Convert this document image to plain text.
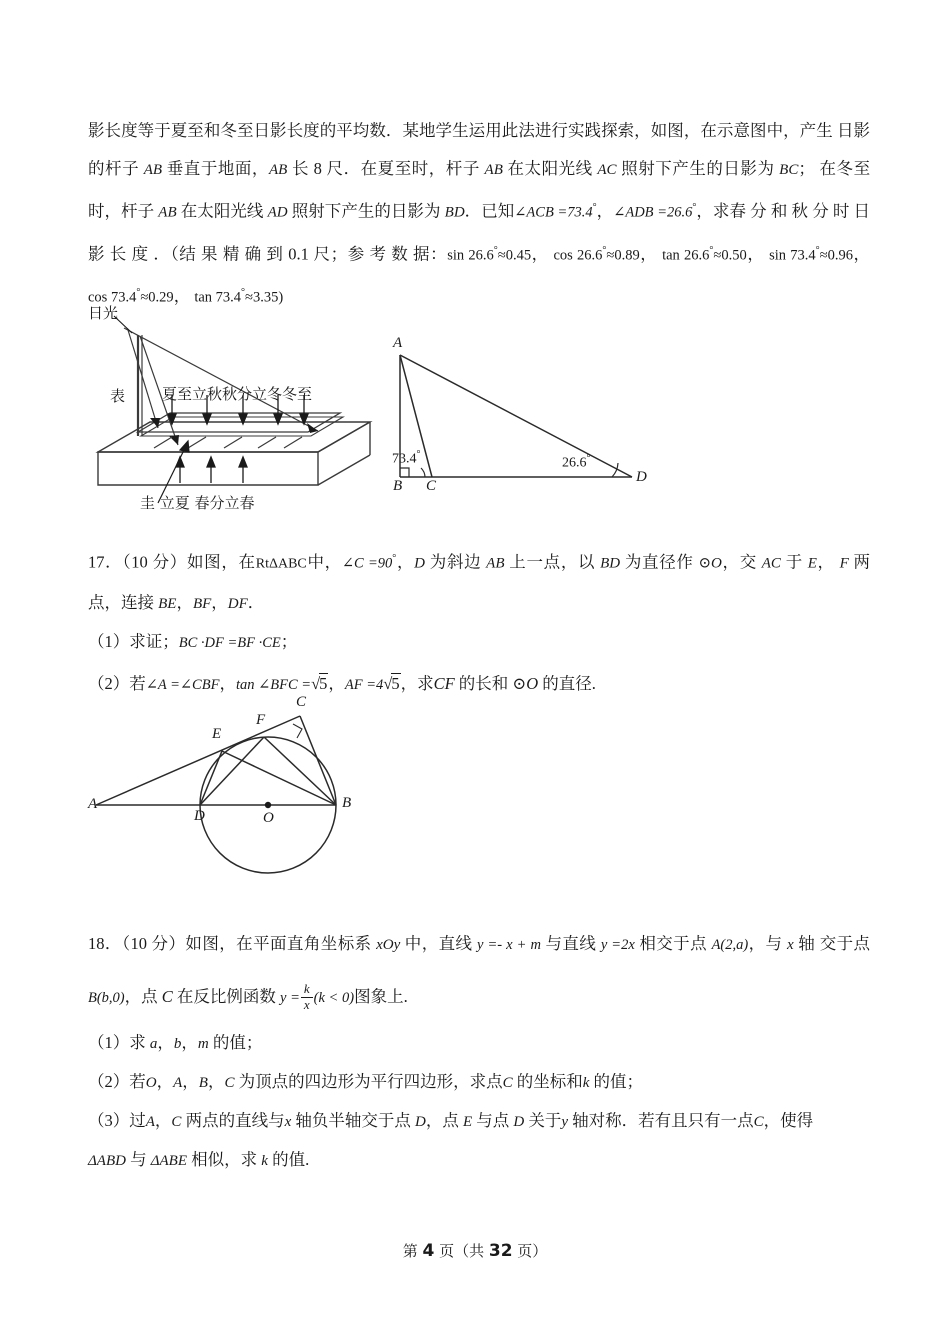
影长度等于夏至和冬至日影长度的平均数．某地学生运用此法进行实践探索，如图，在示意图中，产生 日影的杆子 AB 垂直于地面，AB 长 8 尺．在夏至时，杆子 AB 在太阳光线 AC 照射下产生的日影为 BC； 在冬至时，杆子 AB 在太阳光线 AD 照射下产生的日影为 BD．已知∠ACB =73.4°，∠ADB =26.6°，求春 分 和 秋 分 时 日 影 长 度 ．（结 果 精 确 到 0.1 尺；参 考 数 据：sin 26.6°≈0.45， cos 26.6°≈0.89， tan 26.6°≈0.50， sin 73.4°≈0.96， cos 73.4°≈0.29， tan 73.4°≈3.35)

日光
表 夏至立秋秋分立冬冬至
圭 立夏 春分立春
A
B C
D
73.4°
26.6°

17．（10 分）如图，在RtΔABC中，∠C =90°，D 为斜边 AB 上一点，以 BD 为直径作 ⊙O，交 AC 于 E， F 两点，连接 BE，BF，DF．

（1）求证；BC ·DF =BF ·CE；

（2）若∠A =∠CBF，tan ∠BFC =√5，AF =4√5，求CF 的长和 ⊙O 的直径.

A
D	O
B
E
F
C

18．（10 分）如图，在平面直角坐标系 xOy 中，直线 y =- x + m 与直线 y =2x 相交于点 A(2,a)，与 x 轴 交于点 B(b,0)，点 C 在反比例函数 $y = \frac{k}{x} (k < 0)$图象上.

（1）求 a，b，m 的值；

（2）若O，A，B，C 为顶点的四边形为平行四边形，求点C 的坐标和k 的值；

（3）过A，C 两点的直线与x 轴负半轴交于点 D，点 E 与点 D 关于y 轴对称．若有且只有一点C，使得

ΔABD 与 ΔABE 相似，求 k 的值.

第 4 页（共 32 页）
